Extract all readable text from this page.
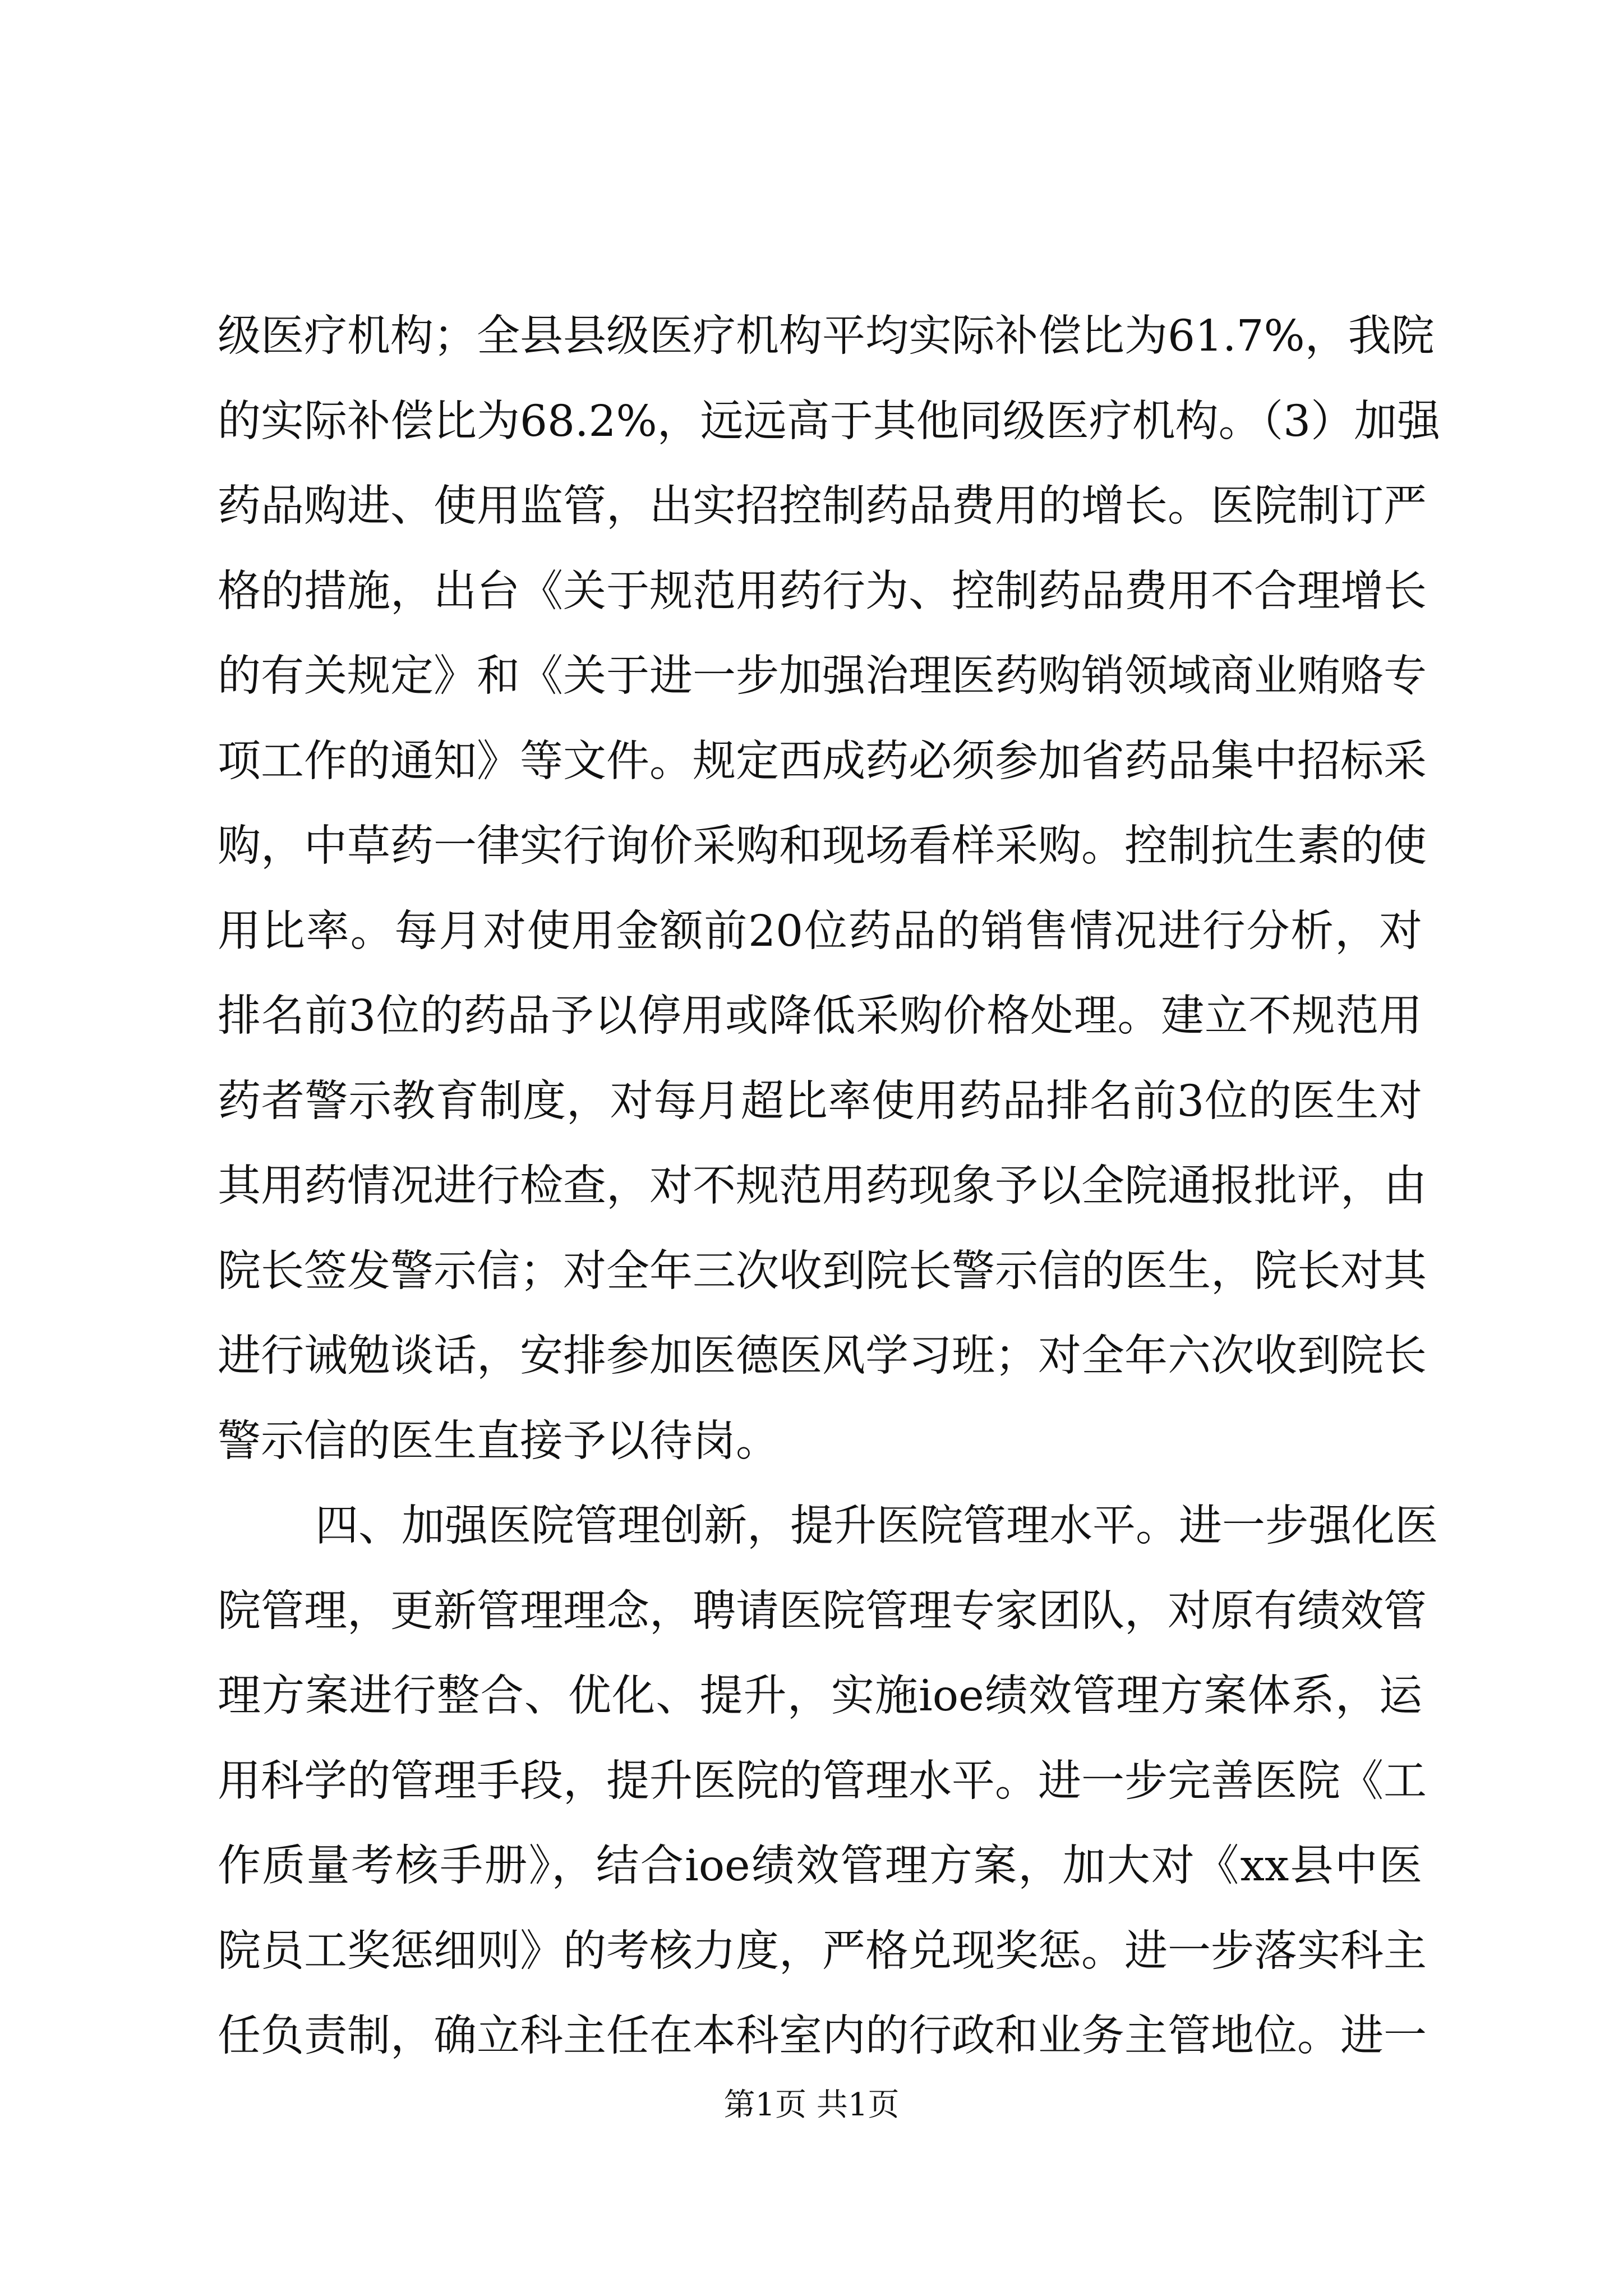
级医疗机构；全县县级医疗机构平均实际补偿比为61.7%，我院
的实际补偿比为68.2%，远远高于其他同级医疗机构。（3）加强
药品购进、使用监管，出实招控制药品费用的增长。医院制订严
格的措施，出台《关于规范用药行为、控制药品费用不合理增长
的有关规定》和《关于进一步加强治理医药购销领域商业贿赂专
项工作的通知》等文件。规定西成药必须参加省药品集中招标采
购，中草药一律实行询价采购和现场看样采购。控制抗生素的使
用比率。每月对使用金额前20位药品的销售情况进行分析，对
排名前3位的药品予以停用或降低采购价格处理。建立不规范用
药者警示教育制度，对每月超比率使用药品排名前3位的医生对
其用药情况进行检查，对不规范用药现象予以全院通报批评，由
院长签发警示信；对全年三次收到院长警示信的医生，院长对其
进行诫勉谈话，安排参加医德医风学习班；对全年六次收到院长
警示信的医生直接予以待岗。
四、加强医院管理创新，提升医院管理水平。进一步强化医
院管理，更新管理理念，聘请医院管理专家团队，对原有绩效管
理方案进行整合、优化、提升，实施ioe绩效管理方案体系，运
用科学的管理手段，提升医院的管理水平。进一步完善医院《工
作质量考核手册》，结合ioe绩效管理方案，加大对《xx县中医
院员工奖惩细则》的考核力度，严格兑现奖惩。进一步落实科主
任负责制，确立科主任在本科室内的行政和业务主管地位。进一
第1页 共1页
